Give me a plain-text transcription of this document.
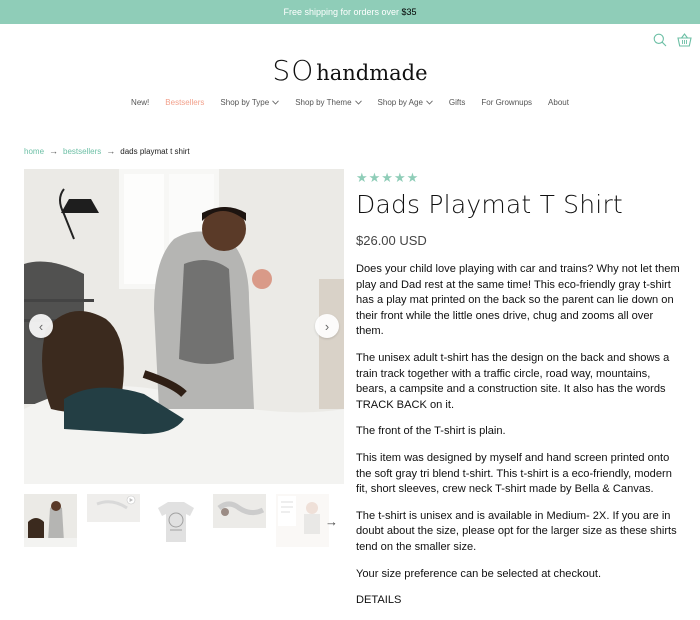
Free shipping for orders over $35
SOhandmade
New! Bestsellers Shop by Type	Shop by Theme	Shop by Age	Gifts For Grownups About
home → bestsellers → dads playmat t shirt
‹	›
→
★★★★★
Dads Playmat T Shirt
$26.00 USD

Does your child love playing with car and trains? Why not let them play and Dad rest at the same time! This eco-friendly gray t-shirt has a play mat printed on the back so the parent can lie down on their front while the little ones drive, chug and zooms all over them.

The unisex adult t-shirt has the design on the back and shows a train track together with a traffic circle, road way, mountains, bears, a campsite and a construction site. It also has the words TRACK BACK on it.

The front of the T-shirt is plain.

This item was designed by myself and hand screen printed onto the soft gray tri blend t-shirt. This t-shirt is a eco-friendly, modern fit, short sleeves, crew neck T-shirt made by Bella & Canvas.

The t-shirt is unisex and is available in Medium- 2X. If you are in doubt about the size, please opt for the larger size as these shirts tend on the smaller size.

Your size preference can be selected at checkout.

DETAILS
